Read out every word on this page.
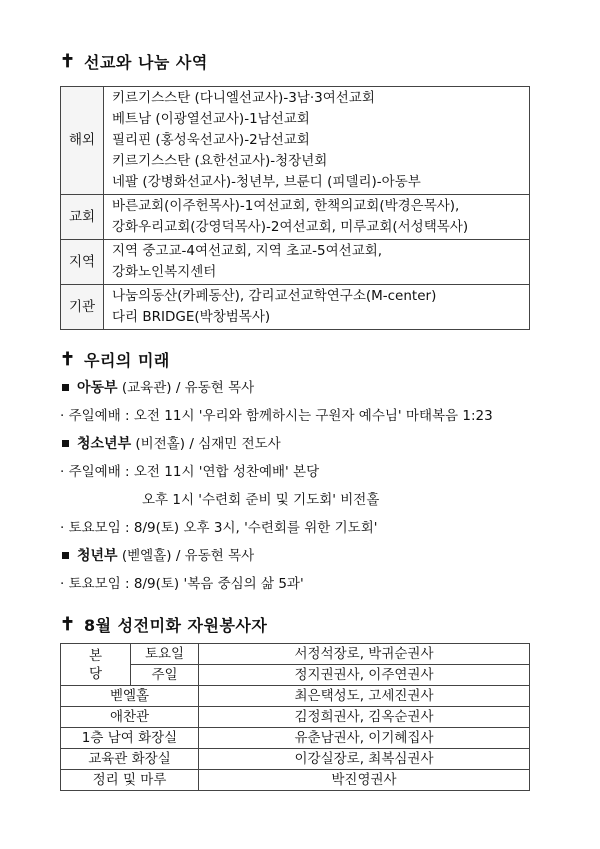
✝ 선교와 나눔 사역
해외	키르기스스탄 (다니엘선교사)-3남·3여선교회
베트남 (이광열선교사)-1남선교회
필리핀 (홍성욱선교사)-2남선교회
키르기스스탄 (요한선교사)-청장년회
네팔 (강병화선교사)-청년부, 브룬디 (피델리)-아동부

교회	바른교회(이주헌목사)-1여선교회, 한책의교회(박경은목사),
강화우리교회(강영덕목사)-2여선교회, 미루교회(서성택목사)

지역	지역 중고교-4여선교회, 지역 초교-5여선교회,
강화노인복지센터

기관	나눔의동산(카페동산), 감리교선교학연구소(M-center)
다리 BRIDGE(박창범목사)
✝ 우리의 미래
아동부 (교육관) / 유동현 목사
· 주일예배 : 오전 11시 '우리와 함께하시는 구원자 예수님' 마태복음 1:23
청소년부 (비전홀) / 심재민 전도사
· 주일예배 : 오전 11시 '연합 성찬예배' 본당
오후 1시 '수련회 준비 및 기도회' 비전홀
· 토요모임 : 8/9(토) 오후 3시, '수련회를 위한 기도회'
청년부 (벧엘홀) / 유동현 목사
· 토요모임 : 8/9(토) '복음 중심의 삶 5과'
✝ 8월 성전미화 자원봉사자
본
당	토요일	서정석장로, 박귀순권사
	주일	정지권권사, 이주연권사
벧엘홀		최은택성도, 고세진권사
애찬관		김정희권사, 김옥순권사
1층 남여 화장실		유춘남권사, 이기혜집사
교육관 화장실		이강실장로, 최복심권사
정리 및 마루		박진영권사
